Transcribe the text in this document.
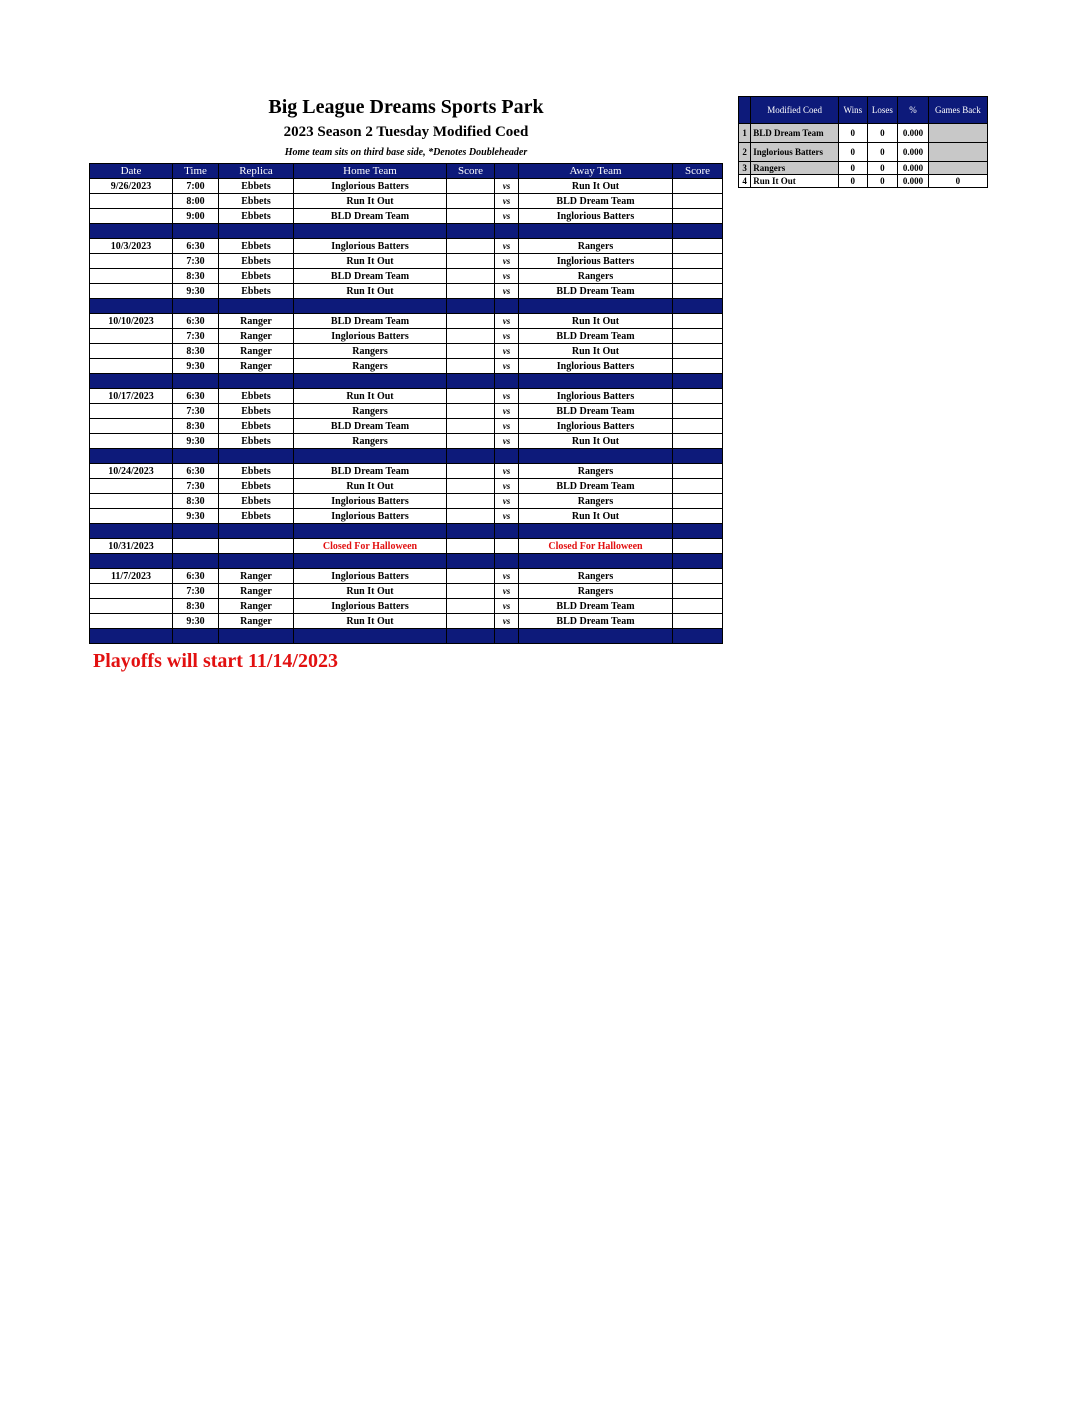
Big League Dreams Sports Park
2023 Season 2 Tuesday Modified Coed
Home team sits on third base side, *Denotes Doubleheader
Date	Time	Replica	Home Team	Score		Away Team	Score
9/26/2023	7:00	Ebbets	Inglorious Batters		vs	Run It Out	
	8:00	Ebbets	Run It Out		vs	BLD Dream Team	
	9:00	Ebbets	BLD Dream Team		vs	Inglorious Batters	

10/3/2023	6:30	Ebbets	Inglorious Batters		vs	Rangers	
	7:30	Ebbets	Run It Out		vs	Inglorious Batters	
	8:30	Ebbets	BLD Dream Team		vs	Rangers	
	9:30	Ebbets	Run It Out		vs	BLD Dream Team	

10/10/2023	6:30	Ranger	BLD Dream Team		vs	Run It Out	
	7:30	Ranger	Inglorious Batters		vs	BLD Dream Team	
	8:30	Ranger	Rangers		vs	Run It Out	
	9:30	Ranger	Rangers		vs	Inglorious Batters	

10/17/2023	6:30	Ebbets	Run It Out		vs	Inglorious Batters	
	7:30	Ebbets	Rangers		vs	BLD Dream Team	
	8:30	Ebbets	BLD Dream Team		vs	Inglorious Batters	
	9:30	Ebbets	Rangers		vs	Run It Out	

10/24/2023	6:30	Ebbets	BLD Dream Team		vs	Rangers	
	7:30	Ebbets	Run It Out		vs	BLD Dream Team	
	8:30	Ebbets	Inglorious Batters		vs	Rangers	
	9:30	Ebbets	Inglorious Batters		vs	Run It Out	

10/31/2023			Closed For Halloween			Closed For Halloween	

11/7/2023	6:30	Ranger	Inglorious Batters		vs	Rangers	
	7:30	Ranger	Run It Out		vs	Rangers	
	8:30	Ranger	Inglorious Batters		vs	BLD Dream Team	
	9:30	Ranger	Run It Out		vs	BLD Dream Team	

	Modified Coed	Wins	Loses	%	Games Back
1	BLD Dream Team	0	0	0.000	
2	Inglorious Batters	0	0	0.000	
3	Rangers	0	0	0.000	
4	Run It Out	0	0	0.000	0
Playoffs will start 11/14/2023
